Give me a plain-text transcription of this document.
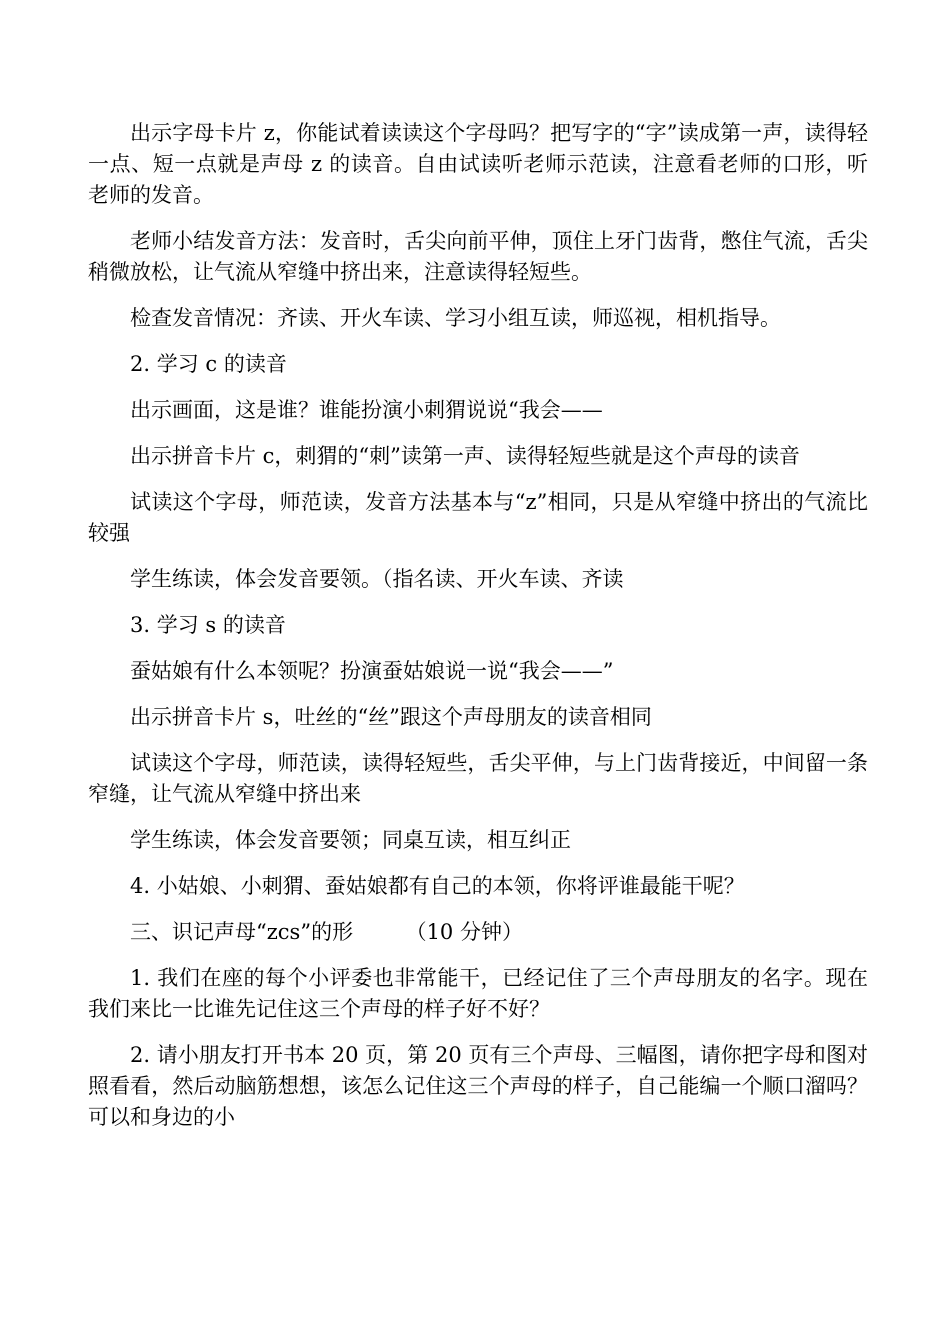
出示字母卡片 z，你能试着读读这个字母吗？把写字的“字”读成第一声，读得轻一点、短一点就是声母 z 的读音。自由试读听老师示范读，注意看老师的口形，听老师的发音。

老师小结发音方法：发音时，舌尖向前平伸，顶住上牙门齿背，憋住气流，舌尖稍微放松，让气流从窄缝中挤出来，注意读得轻短些。

检查发音情况：齐读、开火车读、学习小组互读，师巡视，相机指导。

2. 学习 c 的读音

出示画面，这是谁？谁能扮演小刺猬说说“我会——

出示拼音卡片 c，刺猬的“刺”读第一声、读得轻短些就是这个声母的读音

试读这个字母，师范读，发音方法基本与“z”相同，只是从窄缝中挤出的气流比较强

学生练读，体会发音要领。（指名读、开火车读、齐读

3. 学习 s 的读音

蚕姑娘有什么本领呢？扮演蚕姑娘说一说“我会——”

出示拼音卡片 s，吐丝的“丝”跟这个声母朋友的读音相同

试读这个字母，师范读，读得轻短些，舌尖平伸，与上门齿背接近，中间留一条窄缝，让气流从窄缝中挤出来

学生练读，体会发音要领；同桌互读，相互纠正

4. 小姑娘、小刺猬、蚕姑娘都有自己的本领，你将评谁最能干呢？

三、识记声母“zcs”的形　　　（10 分钟）

1. 我们在座的每个小评委也非常能干，已经记住了三个声母朋友的名字。现在我们来比一比谁先记住这三个声母的样子好不好？

2. 请小朋友打开书本 20 页，第 20 页有三个声母、三幅图，请你把字母和图对照看看，然后动脑筋想想，该怎么记住这三个声母的样子，自己能编一个顺口溜吗？可以和身边的小
